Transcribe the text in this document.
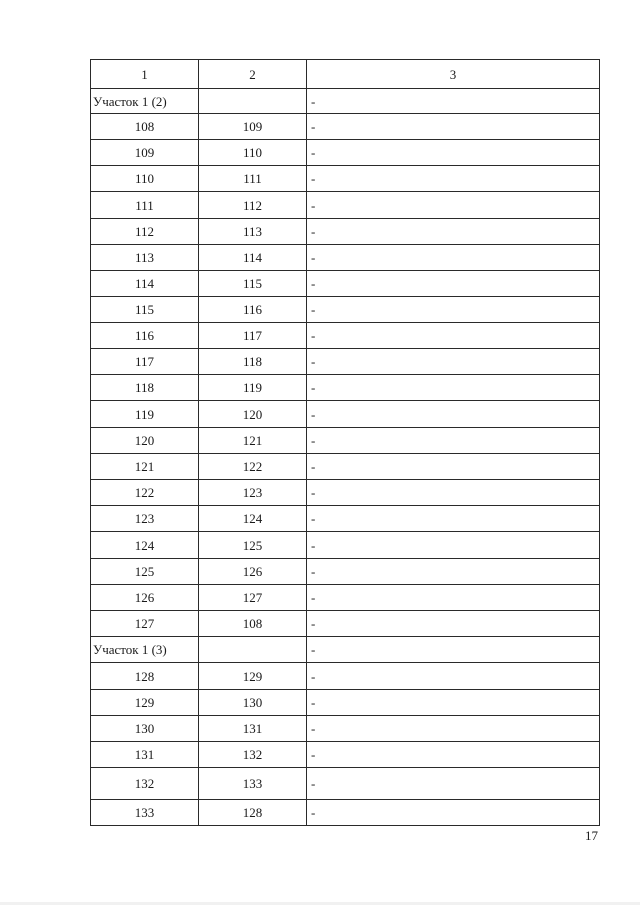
1	2	3
Участок 1 (2)		-
108	109	-
109	110	-
110	111	-
111	112	-
112	113	-
113	114	-
114	115	-
115	116	-
116	117	-
117	118	-
118	119	-
119	120	-
120	121	-
121	122	-
122	123	-
123	124	-
124	125	-
125	126	-
126	127	-
127	108	-
Участок 1 (3)		-
128	129	-
129	130	-
130	131	-
131	132	-
132	133	-
133	128	-
17
